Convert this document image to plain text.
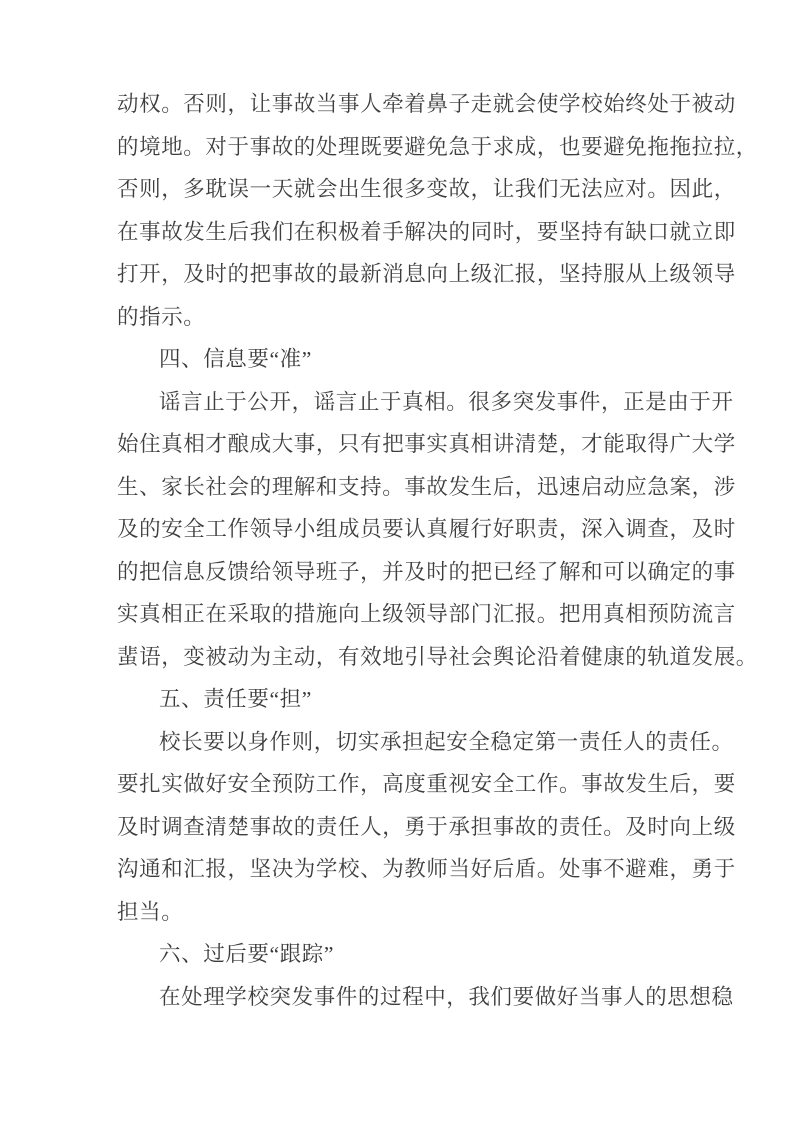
动权。否则，让事故当事人牵着鼻子走就会使学校始终处于被动
的境地。对于事故的处理既要避免急于求成，也要避免拖拖拉拉，
否则，多耽误一天就会出生很多变故，让我们无法应对。因此，
在事故发生后我们在积极着手解决的同时，要坚持有缺口就立即
打开，及时的把事故的最新消息向上级汇报，坚持服从上级领导
的指示。
四、信息要“准”
谣言止于公开，谣言止于真相。很多突发事件，正是由于开
始住真相才酿成大事，只有把事实真相讲清楚，才能取得广大学
生、家长社会的理解和支持。事故发生后，迅速启动应急案，涉
及的安全工作领导小组成员要认真履行好职责，深入调查，及时
的把信息反馈给领导班子，并及时的把已经了解和可以确定的事
实真相正在采取的措施向上级领导部门汇报。把用真相预防流言
蜚语，变被动为主动，有效地引导社会舆论沿着健康的轨道发展。
五、责任要“担”
校长要以身作则，切实承担起安全稳定第一责任人的责任。
要扎实做好安全预防工作，高度重视安全工作。事故发生后，要
及时调查清楚事故的责任人，勇于承担事故的责任。及时向上级
沟通和汇报，坚决为学校、为教师当好后盾。处事不避难，勇于
担当。
六、过后要“跟踪”
在处理学校突发事件的过程中，我们要做好当事人的思想稳
